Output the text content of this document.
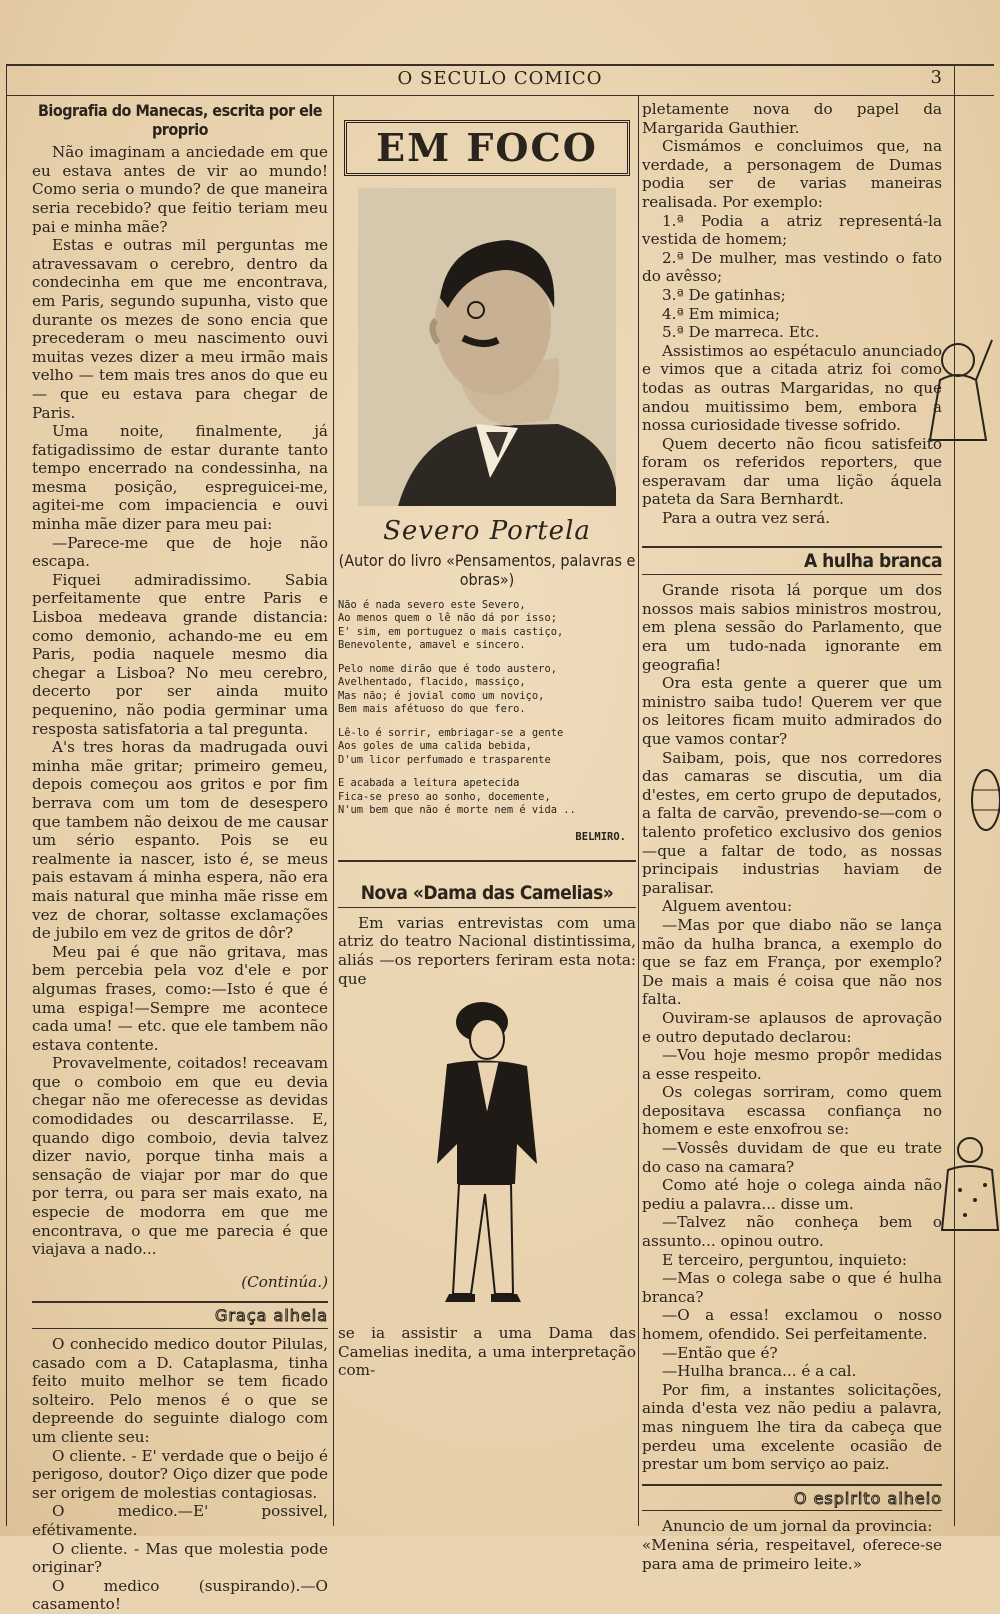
O SECULO COMICO	3
Biografia do Manecas, escrita por ele proprio

Não imaginam a anciedade em que eu estava antes de vir ao mundo! Como seria o mundo? de que maneira seria recebido? que feitio teriam meu pai e minha mãe?

Estas e outras mil perguntas me atravessavam o cerebro, dentro da condecinha em que me encontrava, em Paris, segundo supunha, visto que durante os mezes de sono encia que precederam o meu nascimento ouvi muitas vezes dizer a meu irmão mais velho — tem mais tres anos do que eu — que eu estava para chegar de Paris.

Uma noite, finalmente, já fatigadissimo de estar durante tanto tempo encerrado na condessinha, na mesma posição, espreguicei-me, agitei-me com impaciencia e ouvi minha mãe dizer para meu pai:

—Parece-me que de hoje não escapa.

Fiquei admiradissimo. Sabia perfeitamente que entre Paris e Lisboa medeava grande distancia: como demonio, achando-me eu em Paris, podia naquele mesmo dia chegar a Lisboa? No meu cerebro, decerto por ser ainda muito pequenino, não podia germinar uma resposta satisfatoria a tal pregunta.

A's tres horas da madrugada ouvi minha mãe gritar; primeiro gemeu, depois começou aos gritos e por fim berrava com um tom de desespero que tambem não deixou de me causar um sério espanto. Pois se eu realmente ia nascer, isto é, se meus pais estavam á minha espera, não era mais natural que minha mãe risse em vez de chorar, soltasse exclamações de jubilo em vez de gritos de dôr?

Meu pai é que não gritava, mas bem percebia pela voz d'ele e por algumas frases, como:—Isto é que é uma espiga!—Sempre me acontece cada uma! — etc. que ele tambem não estava contente.

Provavelmente, coitados! receavam que o comboio em que eu devia chegar não me oferecesse as devidas comodidades ou descarrilasse. E, quando digo comboio, devia talvez dizer navio, porque tinha mais a sensação de viajar por mar do que por terra, ou para ser mais exato, na especie de modorra em que me encontrava, o que me parecia é que viajava a nado...

(Continúa.)

Graça alheia

O conhecido medico doutor Pilulas, casado com a D. Cataplasma, tinha feito muito melhor se tem ficado solteiro. Pelo menos é o que se depreende do seguinte dialogo com um cliente seu:

O cliente. - E' verdade que o beijo é perigoso, doutor? Oiço dizer que pode ser origem de molestias contagiosas.

O medico.—E' possivel, efétivamente.

O cliente. - Mas que molestia pode originar?

O medico (suspirando).—O casamento!

EM FOCO
Severo Portela
(Autor do livro «Pensamentos, palavras e obras»)
Não é nada severo este Severo,
Ao menos quem o lê não dá por isso;
E' sim, em portuguez o mais castiço,
Benevolente, amavel e sincero.
Pelo nome dirão que é todo austero,
Avelhentado, flacido, massiço,
Mas não; é jovial como um noviço,
Bem mais afétuoso do que fero.
Lê-lo é sorrir, embriagar-se a gente
Aos goles de uma calida bebida,
D'um licor perfumado e trasparente
E acabada a leitura apetecida
Fica-se preso ao sonho, docemente,
N'um bem que não é morte nem é vida ..
BELMIRO.
Nova «Dama das Camelias»

Em varias entrevistas com uma atriz do teatro Nacional distintissima, aliás —os reporters feriram esta nota: que

se ia assistir a uma Dama das Camelias inedita, a uma interpretação com-

pletamente nova do papel da Margarida Gauthier.

Cismámos e concluimos que, na verdade, a personagem de Dumas podia ser de varias maneiras realisada. Por exemplo:

1.ª Podia a atriz representá-la vestida de homem;

2.ª De mulher, mas vestindo o fato do avêsso;

3.ª De gatinhas;

4.ª Em mimica;

5.ª De marreca. Etc.

Assistimos ao espétaculo anunciado e vimos que a citada atriz foi como todas as outras Margaridas, no que andou muitissimo bem, embora a nossa curiosidade tivesse sofrido.

Quem decerto não ficou satisfeito foram os referidos reporters, que esperavam dar uma lição áquela pateta da Sara Bernhardt.

Para a outra vez será.

A hulha branca

Grande risota lá porque um dos nossos mais sabios ministros mostrou, em plena sessão do Parlamento, que era um tudo-nada ignorante em geografia!

Ora esta gente a querer que um ministro saiba tudo! Querem ver que os leitores ficam muito admirados do que vamos contar?

Saibam, pois, que nos corredores das camaras se discutia, um dia d'estes, em certo grupo de deputados, a falta de carvão, prevendo-se—com o talento profetico exclusivo dos genios —que a faltar de todo, as nossas principais industrias haviam de paralisar.

Alguem aventou:

—Mas por que diabo não se lança mão da hulha branca, a exemplo do que se faz em França, por exemplo? De mais a mais é coisa que não nos falta.

Ouviram-se aplausos de aprovação e outro deputado declarou:

—Vou hoje mesmo propôr medidas a esse respeito.

Os colegas sorriram, como quem depositava escassa confiança no homem e este enxofrou se:

—Vossês duvidam de que eu trate do caso na camara?

Como até hoje o colega ainda não pediu a palavra... disse um.

—Talvez não conheça bem o assunto... opinou outro.

E terceiro, perguntou, inquieto:

—Mas o colega sabe o que é hulha branca?

—O a essa! exclamou o nosso homem, ofendido. Sei perfeitamente.

—Então que é?

—Hulha branca... é a cal.

Por fim, a instantes solicitações, ainda d'esta vez não pediu a palavra, mas ninguem lhe tira da cabeça que perdeu uma excelente ocasião de prestar um bom serviço ao paiz.

O espirito alheio

Anuncio de um jornal da provincia:

«Menina séria, respeitavel, oferece-se para ama de primeiro leite.»
